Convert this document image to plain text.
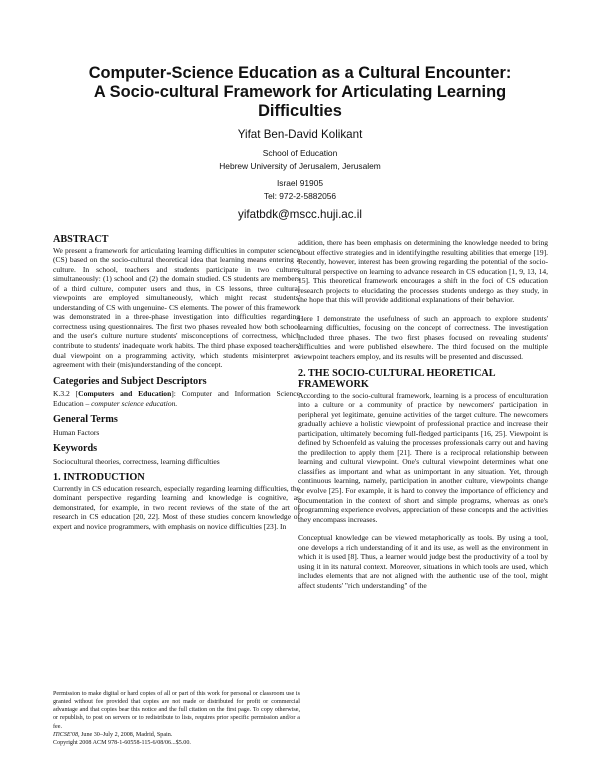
Computer-Science Education as a Cultural Encounter:
A Socio-cultural Framework for Articulating Learning
Difficulties

Yifat Ben-David Kolikant

School of Education

Hebrew University of Jerusalem, Jerusalem

Israel 91905

Tel: 972-2-5882056

yifatbdk@mscc.huji.ac.il

ABSTRACT

We present a framework for articulating learning difficulties in computer science (CS) based on the socio-cultural theoretical idea that learning means entering a culture. In school, teachers and students participate in two cultures simultaneously: (1) school and (2) the domain studied. CS students are members of a third culture, computer users and thus, in CS lessons, three cultural viewpoints are employed simultaneously, which might recast students' understanding of CS with ungenuine- CS elements. The power of this framework was demonstrated in a three-phase investigation into difficulties regarding correctness using questionnaires. The first two phases revealed how both school and the user's culture nurture students' misconceptions of correctness, which contribute to students' inadequate work habits. The third phase exposed teachers' dual viewpoint on a programming activity, which students misinterpret as agreement with their (mis)understanding of the concept.

Categories and Subject Descriptors

K.3.2 [Computers and Education]: Computer and Information Science Education – computer science education.

General Terms

Human Factors

Keywords

Sociocultural theories, correctness, learning difficulties

1. INTRODUCTION

Currently in CS education research, especially regarding learning difficulties, the dominant perspective regarding learning and knowledge is cognitive, as demonstrated, for example, in two recent reviews of the state of the art of research in CS education [20, 22]. Most of these studies concern knowledge of expert and novice programmers, with emphasis on novice difficulties [23]. In

Permission to make digital or hard copies of all or part of this work for personal or classroom use is granted without fee provided that copies are not made or distributed for profit or commercial advantage and that copies bear this notice and the full citation on the first page. To copy otherwise, or republish, to post on servers or to redistribute to lists, requires prior specific permission and/or a fee.

ITiCSE'08, June 30–July 2, 2008, Madrid, Spain.

Copyright 2008 ACM 978-1-60558-115-6/08/06...$5.00.

addition, there has been emphasis on determining the knowledge needed to bring about effective strategies and in identifyingthe resulting abilities that emerge [19]. Recently, however, interest has been growing regarding the potential of the socio-cultural perspective on learning to advance research in CS education [1, 9, 13, 14, 15]. This theoretical framework encourages a shift in the foci of CS education research projects to elucidating the processes students undergo as they study, in the hope that this will provide additional explanations of their behavior.

Here I demonstrate the usefulness of such an approach to explore students' learning difficulties, focusing on the concept of correctness. The investigation included three phases. The two first phases focused on revealing students' difficulties and were published elsewhere. The third focused on the multiple viewpoint teachers employ, and its results will be presented and discussed.

2. THE SOCIO-CULTURAL HEORETICAL
FRAMEWORK

According to the socio-cultural framework, learning is a process of enculturation into a culture or a community of practice by newcomers' participation in peripheral yet legitimate, genuine activities of the target culture. The newcomers gradually achieve a holistic viewpoint of professional practice and increase their participation, ultimately becoming full-fledged participants [16, 25]. Viewpoint is defined by Schoenfeld as valuing the processes professionals carry out and having the predilection to apply them [21]. There is a reciprocal relationship between learning and cultural viewpoint. One's cultural viewpoint determines what one classifies as important and what as unimportant in any situation. Yet, through continuous learning, namely, participation in another culture, viewpoints change or evolve [25]. For example, it is hard to convey the importance of efficiency and documentation in the context of short and simple programs, whereas as one's programming experience evolves, appreciation of these concepts and the activities they encompass increases.

Conceptual knowledge can be viewed metaphorically as tools. By using a tool, one develops a rich understanding of it and its use, as well as the environment in which it is used [8]. Thus, a learner would judge best the productivity of a tool by using it in its natural context. Moreover, situations in which tools are used, which includes elements that are not aligned with the authentic use of the tool, might affect students' "rich understanding" of the
